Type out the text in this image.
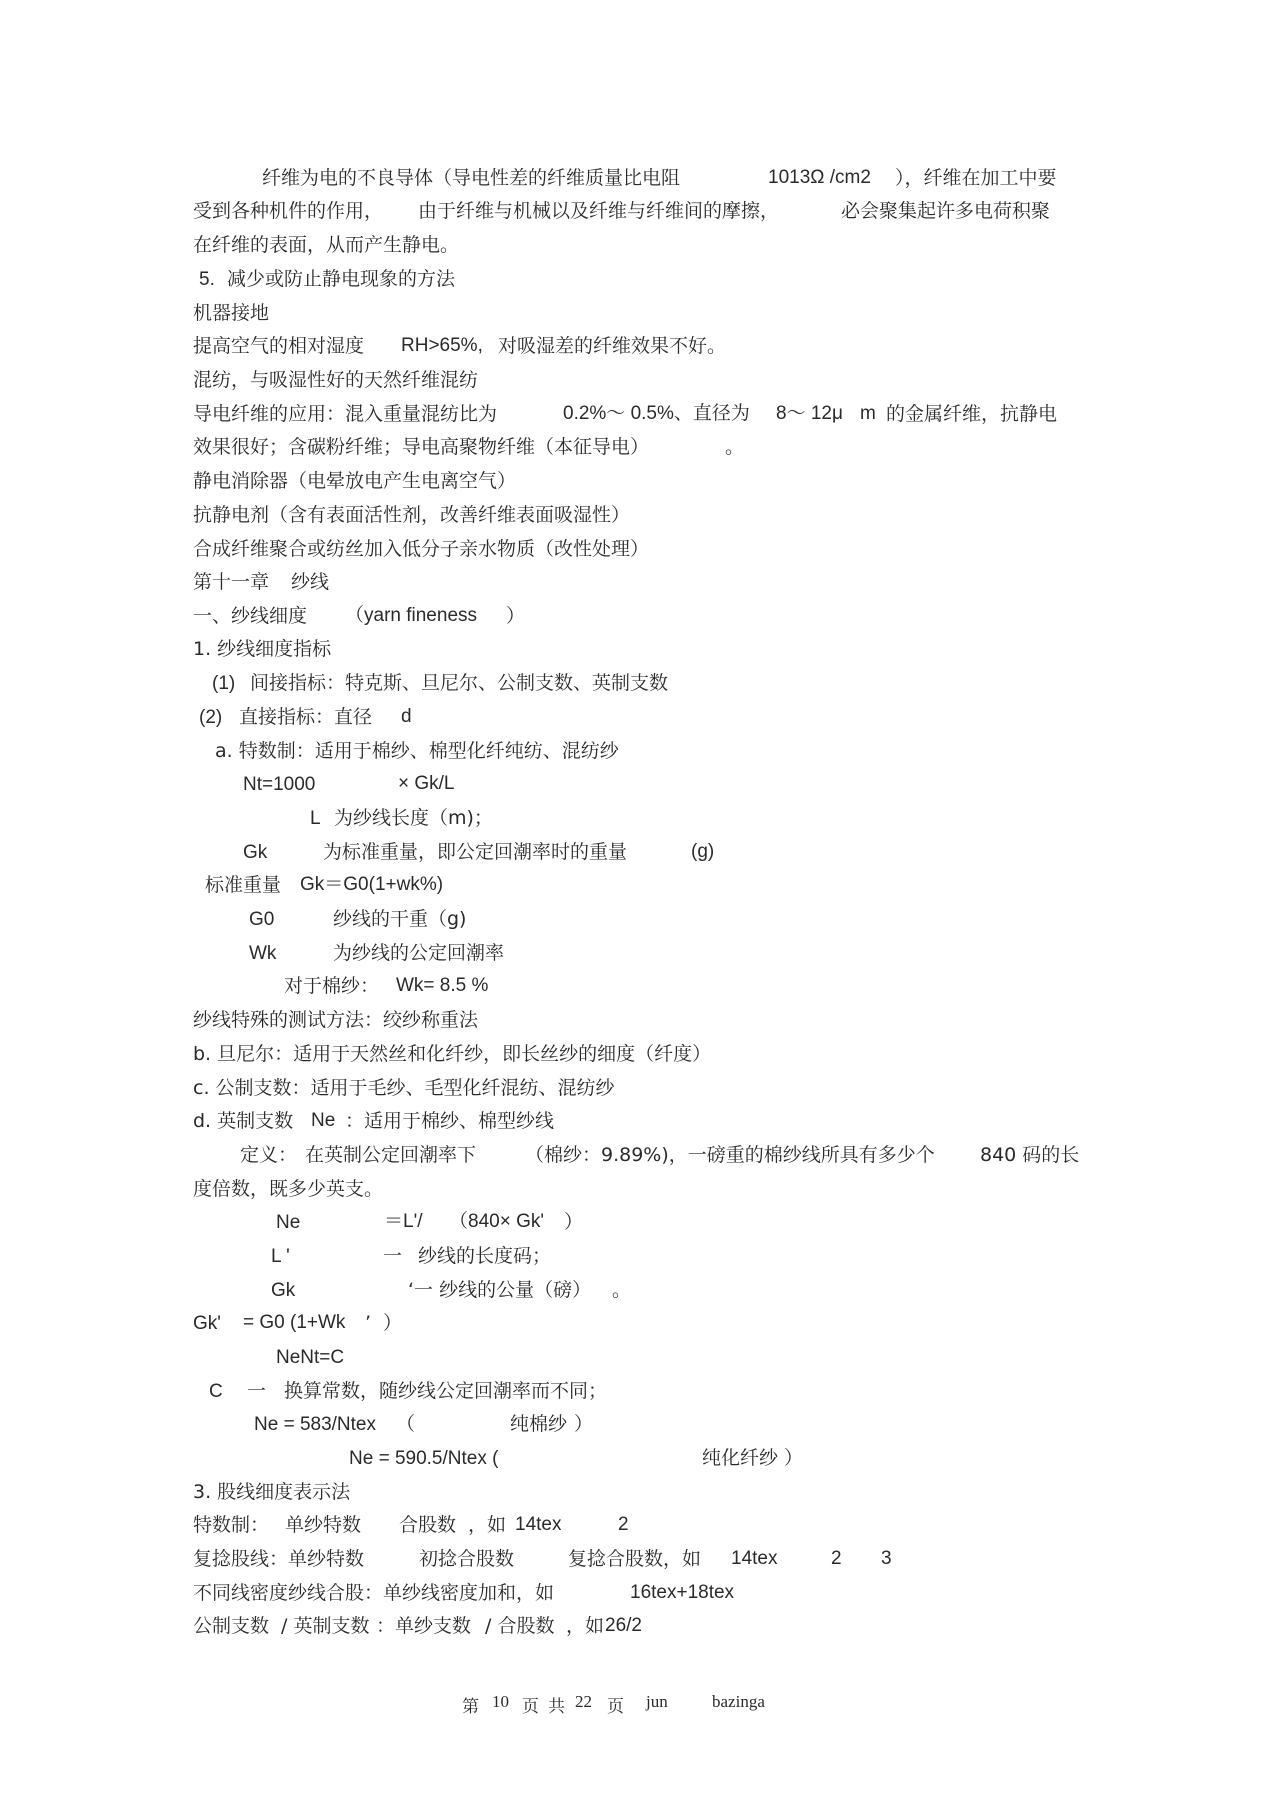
纤维为电的不良导体（导电性差的纤维质量比电阻	1013Ω /cm2 ），纤维在加工中要
受到各种机件的作用， 由于纤维与机械以及纤维与纤维间的摩擦，	必会聚集起许多电荷积聚
在纤维的表面，从而产生静电。
5. 减少或防止静电现象的方法
机器接地
提高空气的相对湿度 RH>65%, 对吸湿差的纤维效果不好。
混纺，与吸湿性好的天然纤维混纺
导电纤维的应用：混入重量混纺比为	0.2%～ 0.5%、直径为 8～ 12μ m 的金属纤维，抗静电
效果很好；含碳粉纤维；导电高聚物纤维（本征导电）	。
静电消除器（电晕放电产生电离空气）
抗静电剂（含有表面活性剂，改善纤维表面吸湿性）
合成纤维聚合或纺丝加入低分子亲水物质（改性处理）
第十一章 纱线
一、纱线细度 （yarn fineness ）
1. 纱线细度指标
(1) 间接指标：特克斯、旦尼尔、公制支数、英制支数
(2) 直接指标：直径 d
a. 特数制：适用于棉纱、棉型化纤纯纺、混纺纱
Nt=1000	× Gk/L
L 为纱线长度（m)；
Gk	为标准重量，即公定回潮率时的重量	(g)
标准重量 Gk＝G0(1+wk%)
G0	纱线的干重（g)
Wk	为纱线的公定回潮率
对于棉纱： Wk= 8.5 %
纱线特殊的测试方法：绞纱称重法
b. 旦尼尔：适用于天然丝和化纤纱，即长丝纱的细度（纤度）
c. 公制支数：适用于毛纱、毛型化纤混纺、混纺纱
d. 英制支数 Ne ：适用于棉纱、棉型纱线
定义： 在英制公定回潮率下	（棉纱：9.89%)，一磅重的棉纱线所具有多少个 840 码的长
度倍数，既多少英支。
Ne	＝L'/ （840× Gk' ）
L '	一 纱线的长度码；
Gk	‘一 纱线的公量（磅） 。
Gk' = G0 (1+Wk ’ ）
NeNt=C
C 一 换算常数，随纱线公定回潮率而不同；
Ne = 583/Ntex （	纯棉纱 ）
Ne = 590.5/Ntex (	纯化纤纱 ）
3. 股线细度表示法
特数制： 单纱特数 合股数 ，如 14tex	2
复捻股线：单纱特数	初捻合股数	复捻合股数，如 14tex	2 3
不同线密度纱线合股：单纱线密度加和，如	16tex+18tex
公制支数 / 英制支数 ：单纱支数 / 合股数 ，如 26/2
第 10 页 共 22 页 jun	bazinga
